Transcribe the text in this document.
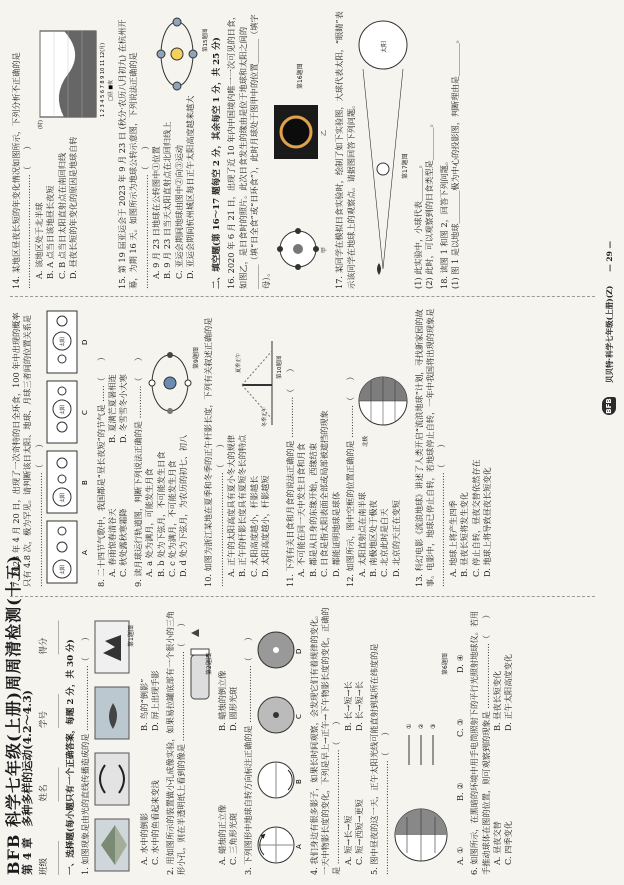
BFB 科学七年级(上册)周周清检测(十五)

第 4 章　多种多样的运动(4.2～4.3) 班级 ________
姓名 ________
学号 ________
得分 ________	一、选择题(每小题只有一个正确答案，每题 2 分，共 30 分) 1. 如图现象是由光的直线传播造成的是 ……………………（　　）	第1题图
A. 水中的倒影
B. 鸟的“倒影”
C. 水中的鱼看起来变浅
D. 屏上出现手影 2. 用如图所示的装置做小孔成像实验，如果易拉罐底部有一个很小的三角形小孔，则在半透明纸上看到的像是 ……………………………（　　）	第2题图
A. 蜡烛的正立像
B. 蜡烛的倒立像
C. 三角形光斑
D. 圆形光斑 3. 下列图形中地球自转方向标注正确的是 …………………（　　）	A
B
C
D 4. 我们身边有很多影子，如果长时间观察，会发现它们有着规律的变化。一天中物影长度的变化，下列是早上→正午→下午物影长度的变化，正确的是 ……………………………………（　　） A. 短→长→短
B. 长→短→长
C. 短→西短→更短
D. 长→短→长 5. 图中昼夜的这一天，正午太阳光线可能直射到某所在纬度的是 ……………………………………（　　）

① ② ③
第6题图
A. ①
B. ②
C. ③
D. ④ 6. 如图所示，在黑暗的环境中用手电筒照射下的平行光照射地球仪。若用手推动球体在图的位置，则可观察到的现象是 ……………………（　　） A. 昼夜交替
B. 昼夜长短变化
C. 四季变化
D. 正午太阳高度变化

7. 2023 年 4 月 20 日，出现了一次奇特的日全环食，100 年中出现的概率只有 4.8 次，极为罕见。请判断该日太阳、地球、月球三者间的位置关系是 ……………………………………（　　）	太阳
太阳
太阳
太阳
A
B
C
D

8. 二十四节气歌中，我国都是“昼长夜短”的节气是 ……（　　） A. 春雨惊春清谷天
B. 夏满芒夏暑相连
C. 秋处露秋寒霜降
D. 冬雪雪冬小大寒 9. 读月球运行轨道图，判断下列说法正确的是 …………（　　） A. a 处为满月，可能发生月食 B. b 处为下弦月，不可能发生日食 C. c 处为满月，不可能发生月食 D. d 处为下弦月，为农历的初七、初八
第9题图 10. 如图为浙江某地在夏季和冬季的正午杆影长度，下列有关叙述正确的是 ……………………………………（　　） A. 正午的太阳高度具有夏小冬大的规律 B. 正午的杆影长度具有夏短冬长的特点 C. 太阳高度越小，杆影越长 D. 太阳高度越小，杆影越短
夏季正午
冬季正午
第10题图 11. 下列有关日食和月食的说法正确的是 ……………（　　） A. 不可能在同一天中发生日食和月食 B. 都是从日身的东缘开始，西缘结束 C. 日食是指太阳表面全部或局部被遮挡的现象 D. 都能证明地球是球体 12. 如图所示，图中空框的位置正确的是 …………（　　） A. 太阳直射点在南半球 B. 南极地区处于极夜 C. 北京此时是白天 D. 北京的天正在变短
北极	13. 科幻电影《流浪地球》讲述了人类开启“流浪地球”计划，寻找新家园的故事。电影中，地球已停止自转，若地球停止自转，一年中我国将出现的现象是 ……………………………………（　　） A. 地球上将产生四季 B. 昼夜长短将发生变化 C. 停止自转，昼夜交替依然存在 D. 地球上将导致昼夜长短变化

14. 某地区昼夜长短的年变化情况如图所示，下列分析不正确的是 ……………………………………（　　） A. 该地区处于北半球 B. A 点当日该地昼长夜短 C. B 点当日太阳直射点在南回归线 D. 昼夜长短的年变化的原因是地球自转
(时)
1 2 3 4 5 6 7 8 9 10 11 12(月) □昼 ■夜 15. 第 19 届亚运会于 2023 年 9 月 23 日 (秋分·农历八月初九) 在杭州开幕，为期 16 天。如图所示为地球公转示意图，下列说法正确的是 ……………………………………（　　） A. 9 月 23 日地球在公转图中①位置 B. 9 月 23 日当天太阳直射点在北回归线上 C. 亚运会期间地球由图中②向③运动 D. 亚运会期间杭州城区每日正午太阳高度越来越大
第15题图 二、填空题(第 16～17 题每空 2 分，其余每空 1 分，共 25 分) 16. 2020 年 6 月 21 日，出现了近 10 年内中国境内唯一一次可见的日食，如图乙，是日食时的照片。此次日食发生的缘由是位于地球和太阳之间的______（填“日全食”或“日环食”），此时月球处于图甲中的位置______（填字母）。

甲
乙
第16题图	17. 某同学在模拟日食实验时，绘制了如下实验图，大球代表太阳，“眼睛”表示该同学在地球上的观察点。请据图回答下列问题。

太阳
第17题图 (1) 此实验中，小球代表________。 (2) 此时，可以观察到的日食类型是________。 18. 读图 1 和图 2，回答下列问题。 (1) 图 1 是以地球________极为中心的投影图，判断理由是________。

BFB
贝贝特·科学七年级(上册)(Z)
— 29 —
